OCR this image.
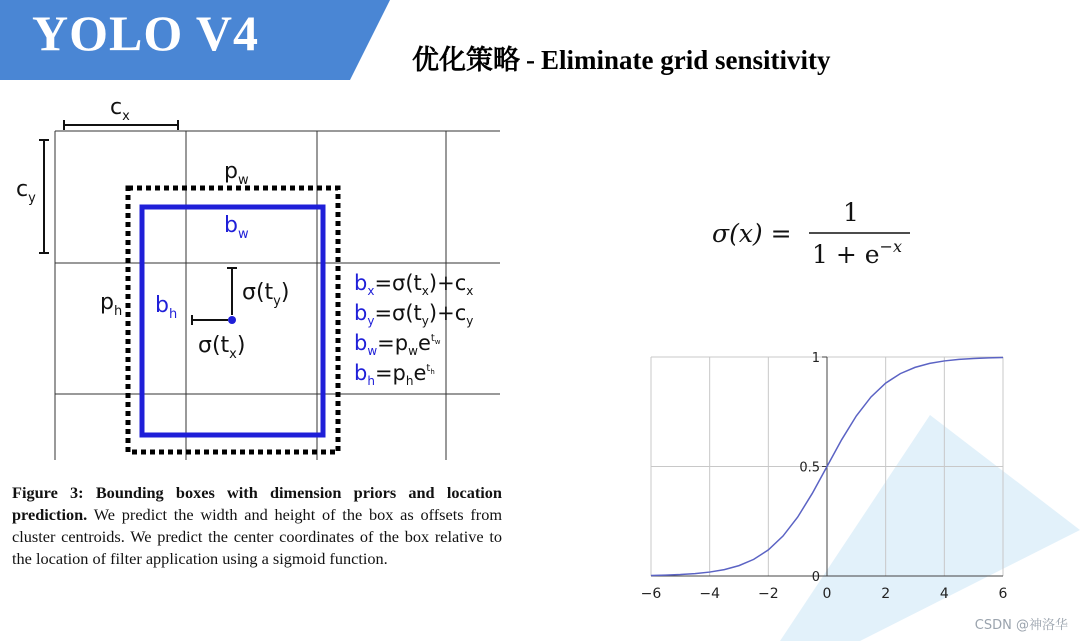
YOLO V4	优化策略 - Eliminate grid sensitivity
$c_x$
$c_y$
$p_w$
$b_w$
$p_h$ $b_h$
$\sigma(t_y)$
$\sigma(t_x)$
$b_x=\sigma(t_x)+c_x$
$b_y=\sigma(t_y)+c_y$
$b_w=p_we^tw$
$b_h=p_he^th$
Figure 3: Bounding boxes with dimension priors and location prediction. We predict the width and height of the box as offsets from cluster centroids. We predict the center coordinates of the box relative to the location of filter application using a sigmoid function.
σ(x) =
1
$1 + e^{-x}$
−6	−4	−2	0	2	4	6
0
0.5
1
CSDN @神洛华
